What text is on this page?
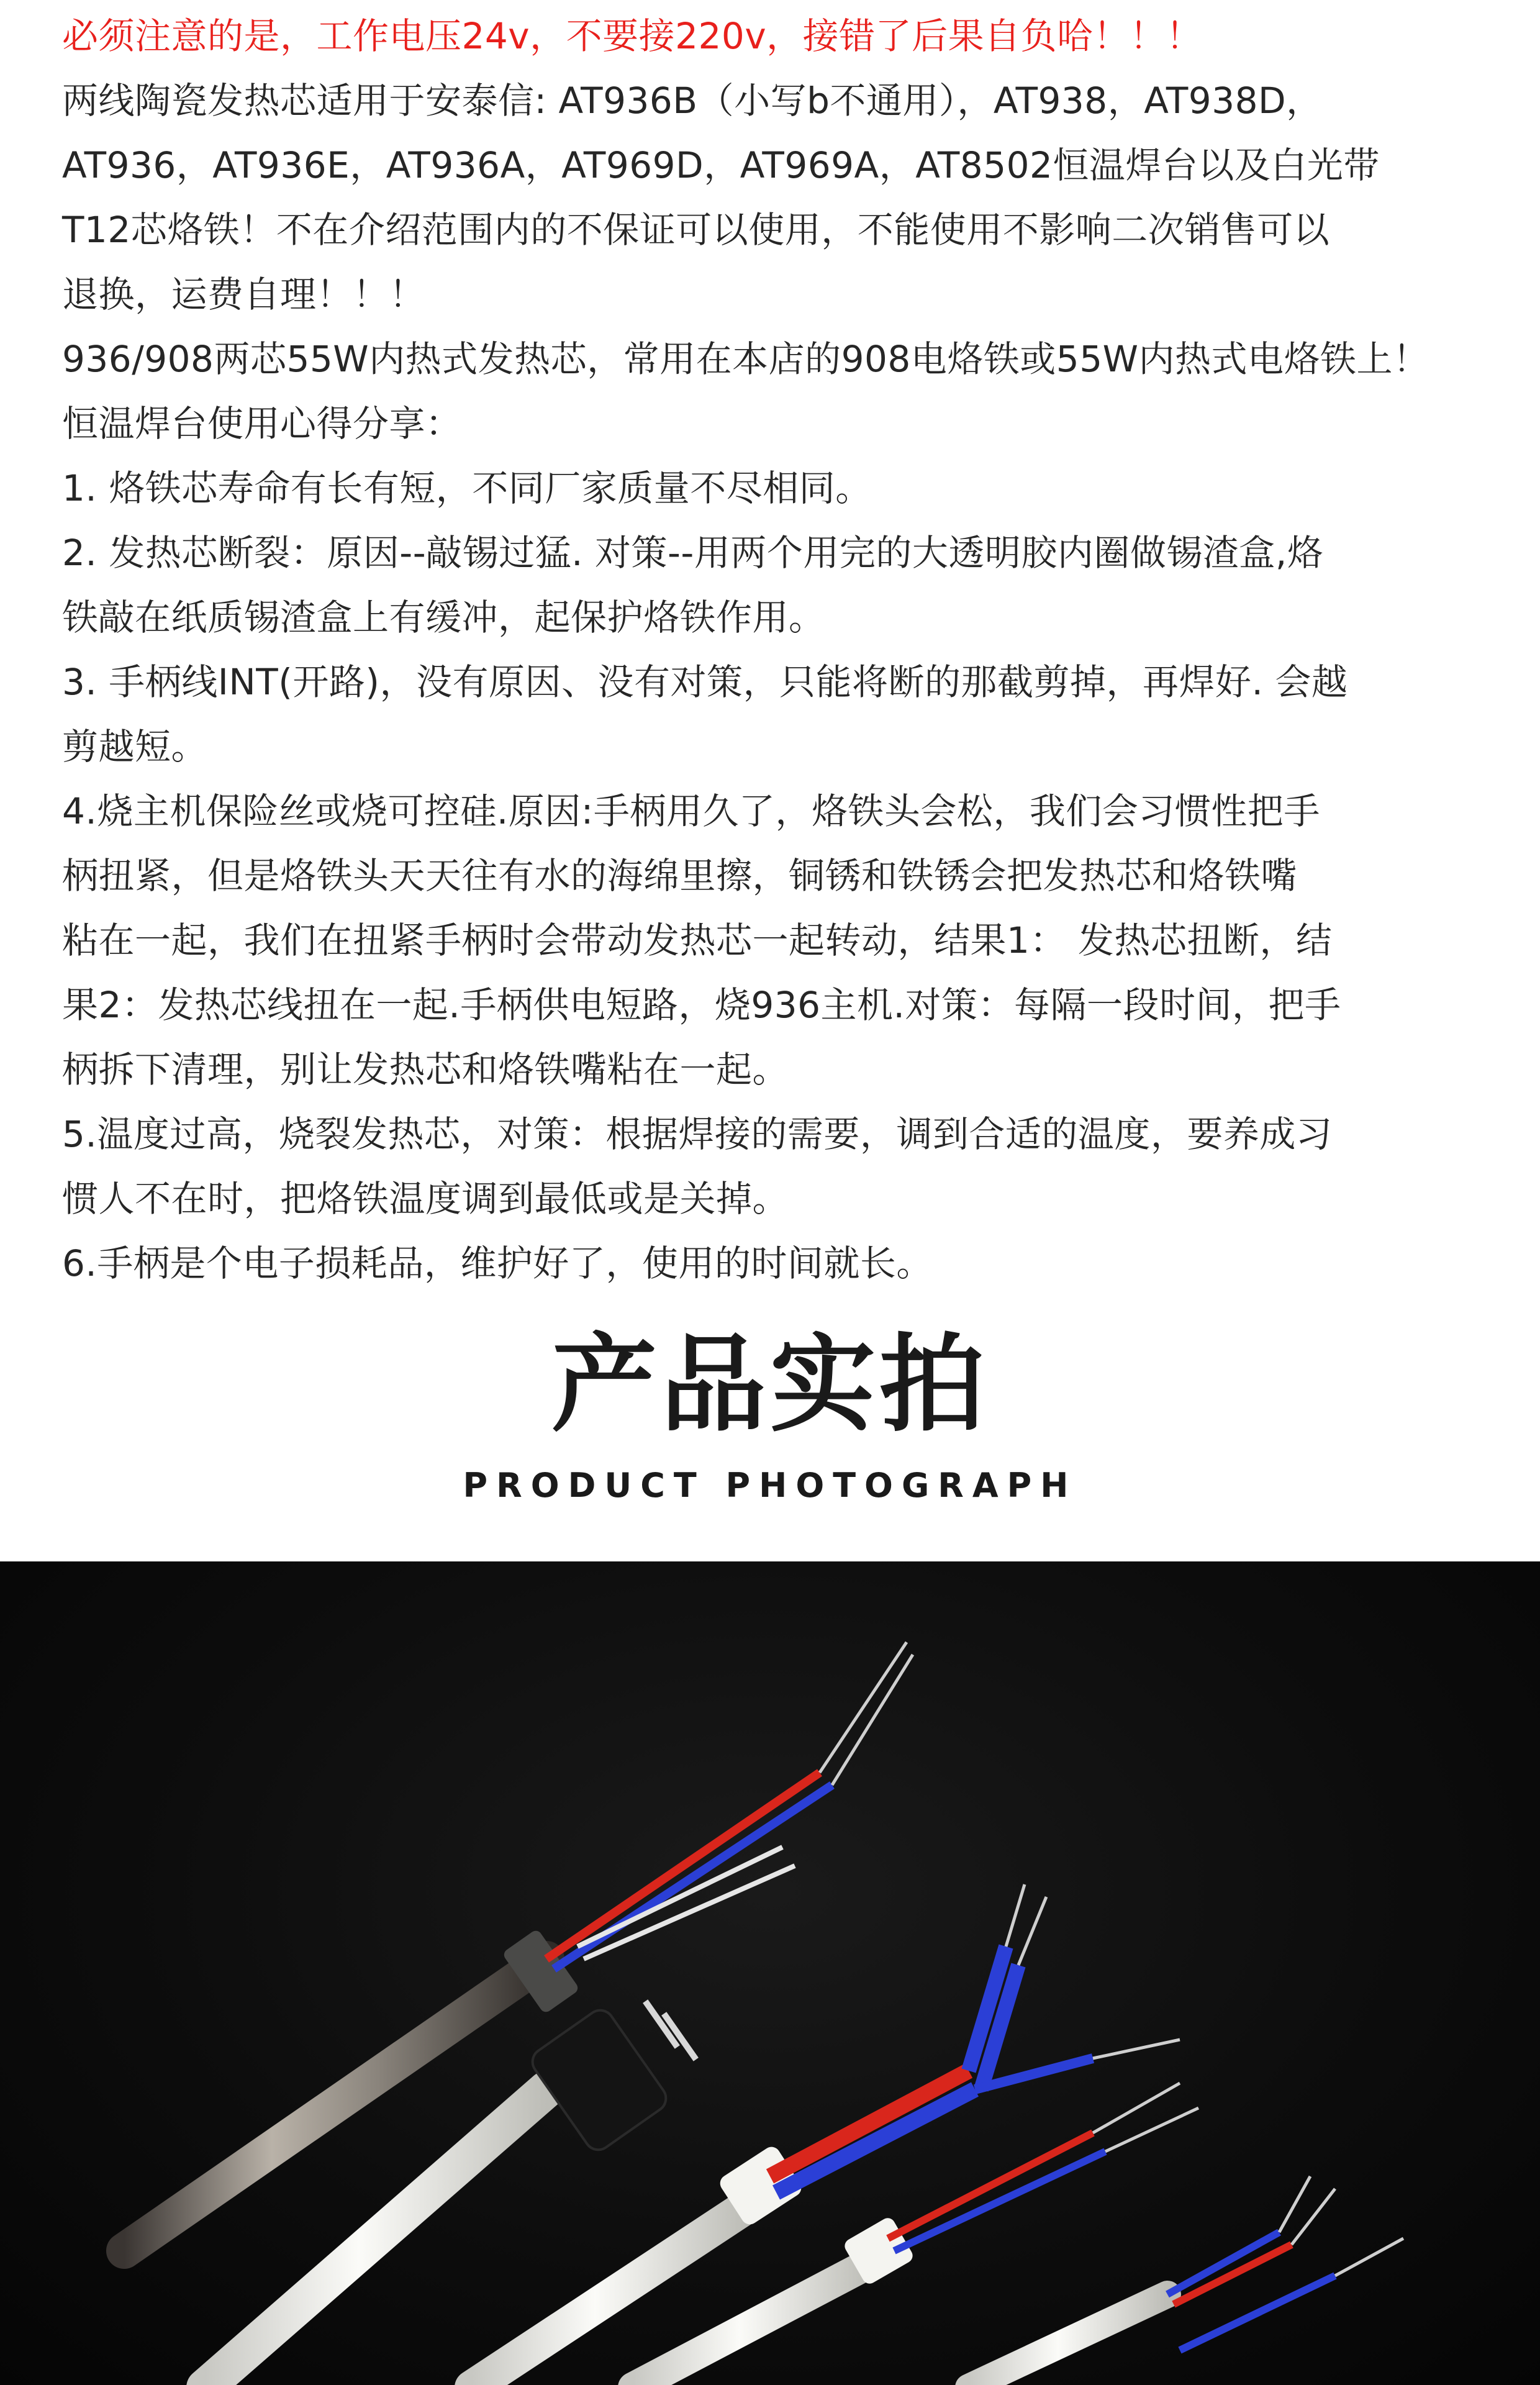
必须注意的是，工作电压24v，不要接220v，接错了后果自负哈！！！
两线陶瓷发热芯适用于安泰信: AT936B（小写b不通用），AT938，AT938D，
AT936，AT936E，AT936A，AT969D，AT969A，AT8502恒温焊台以及白光带
T12芯烙铁！不在介绍范围内的不保证可以使用，不能使用不影响二次销售可以
退换，运费自理！！！
936/908两芯55W内热式发热芯，常用在本店的908电烙铁或55W内热式电烙铁上！
恒温焊台使用心得分享：
1. 烙铁芯寿命有长有短，不同厂家质量不尽相同。
2. 发热芯断裂：原因--敲锡过猛. 对策--用两个用完的大透明胶内圈做锡渣盒,烙
铁敲在纸质锡渣盒上有缓冲，起保护烙铁作用。
3. 手柄线INT(开路)，没有原因、没有对策，只能将断的那截剪掉，再焊好. 会越
剪越短。
4.烧主机保险丝或烧可控硅.原因:手柄用久了，烙铁头会松，我们会习惯性把手
柄扭紧，但是烙铁头天天往有水的海绵里擦，铜锈和铁锈会把发热芯和烙铁嘴
粘在一起，我们在扭紧手柄时会带动发热芯一起转动，结果1： 发热芯扭断，结
果2：发热芯线扭在一起.手柄供电短路，烧936主机.对策：每隔一段时间，把手
柄拆下清理，别让发热芯和烙铁嘴粘在一起。
5.温度过高，烧裂发热芯，对策：根据焊接的需要，调到合适的温度，要养成习
惯人不在时，把烙铁温度调到最低或是关掉。
6.手柄是个电子损耗品，维护好了，使用的时间就长。
产品实拍
PRODUCT PHOTOGRAPH
